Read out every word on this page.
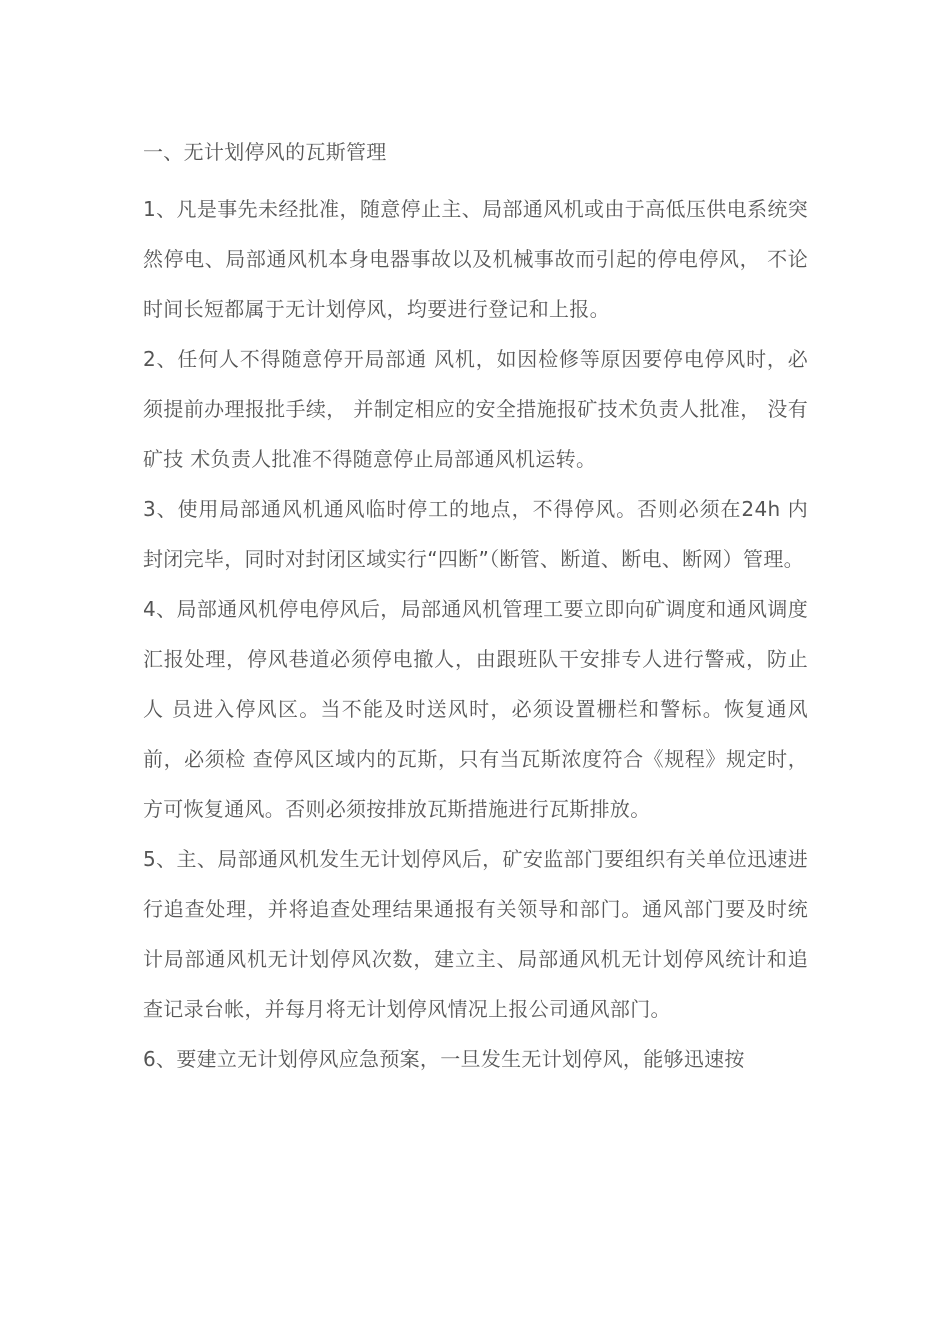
一、无计划停风的瓦斯管理

1、凡是事先未经批准，随意停止主、局部通风机或由于高低压供电系统突然停电、局部通风机本身电器事故以及机械事故而引起的停电停风， 不论时间长短都属于无计划停风，均要进行登记和上报。

2、任何人不得随意停开局部通 风机，如因检修等原因要停电停风时，必须提前办理报批手续， 并制定相应的安全措施报矿技术负责人批准， 没有矿技 术负责人批准不得随意停止局部通风机运转。

3、使用局部通风机通风临时停工的地点，不得停风。否则必须在24h 内封闭完毕，同时对封闭区域实行“四断”（断管、断道、断电、断网）管理。

4、局部通风机停电停风后，局部通风机管理工要立即向矿调度和通风调度汇报处理，停风巷道必须停电撤人，由跟班队干安排专人进行警戒，防止人 员进入停风区。当不能及时送风时，必须设置栅栏和警标。恢复通风前，必须检 查停风区域内的瓦斯，只有当瓦斯浓度符合《规程》规定时，方可恢复通风。否则必须按排放瓦斯措施进行瓦斯排放。

5、主、局部通风机发生无计划停风后，矿安监部门要组织有关单位迅速进行追查处理，并将追查处理结果通报有关领导和部门。通风部门要及时统计局部通风机无计划停风次数，建立主、局部通风机无计划停风统计和追查记录台帐，并每月将无计划停风情况上报公司通风部门。

6、要建立无计划停风应急预案，一旦发生无计划停风，能够迅速按
